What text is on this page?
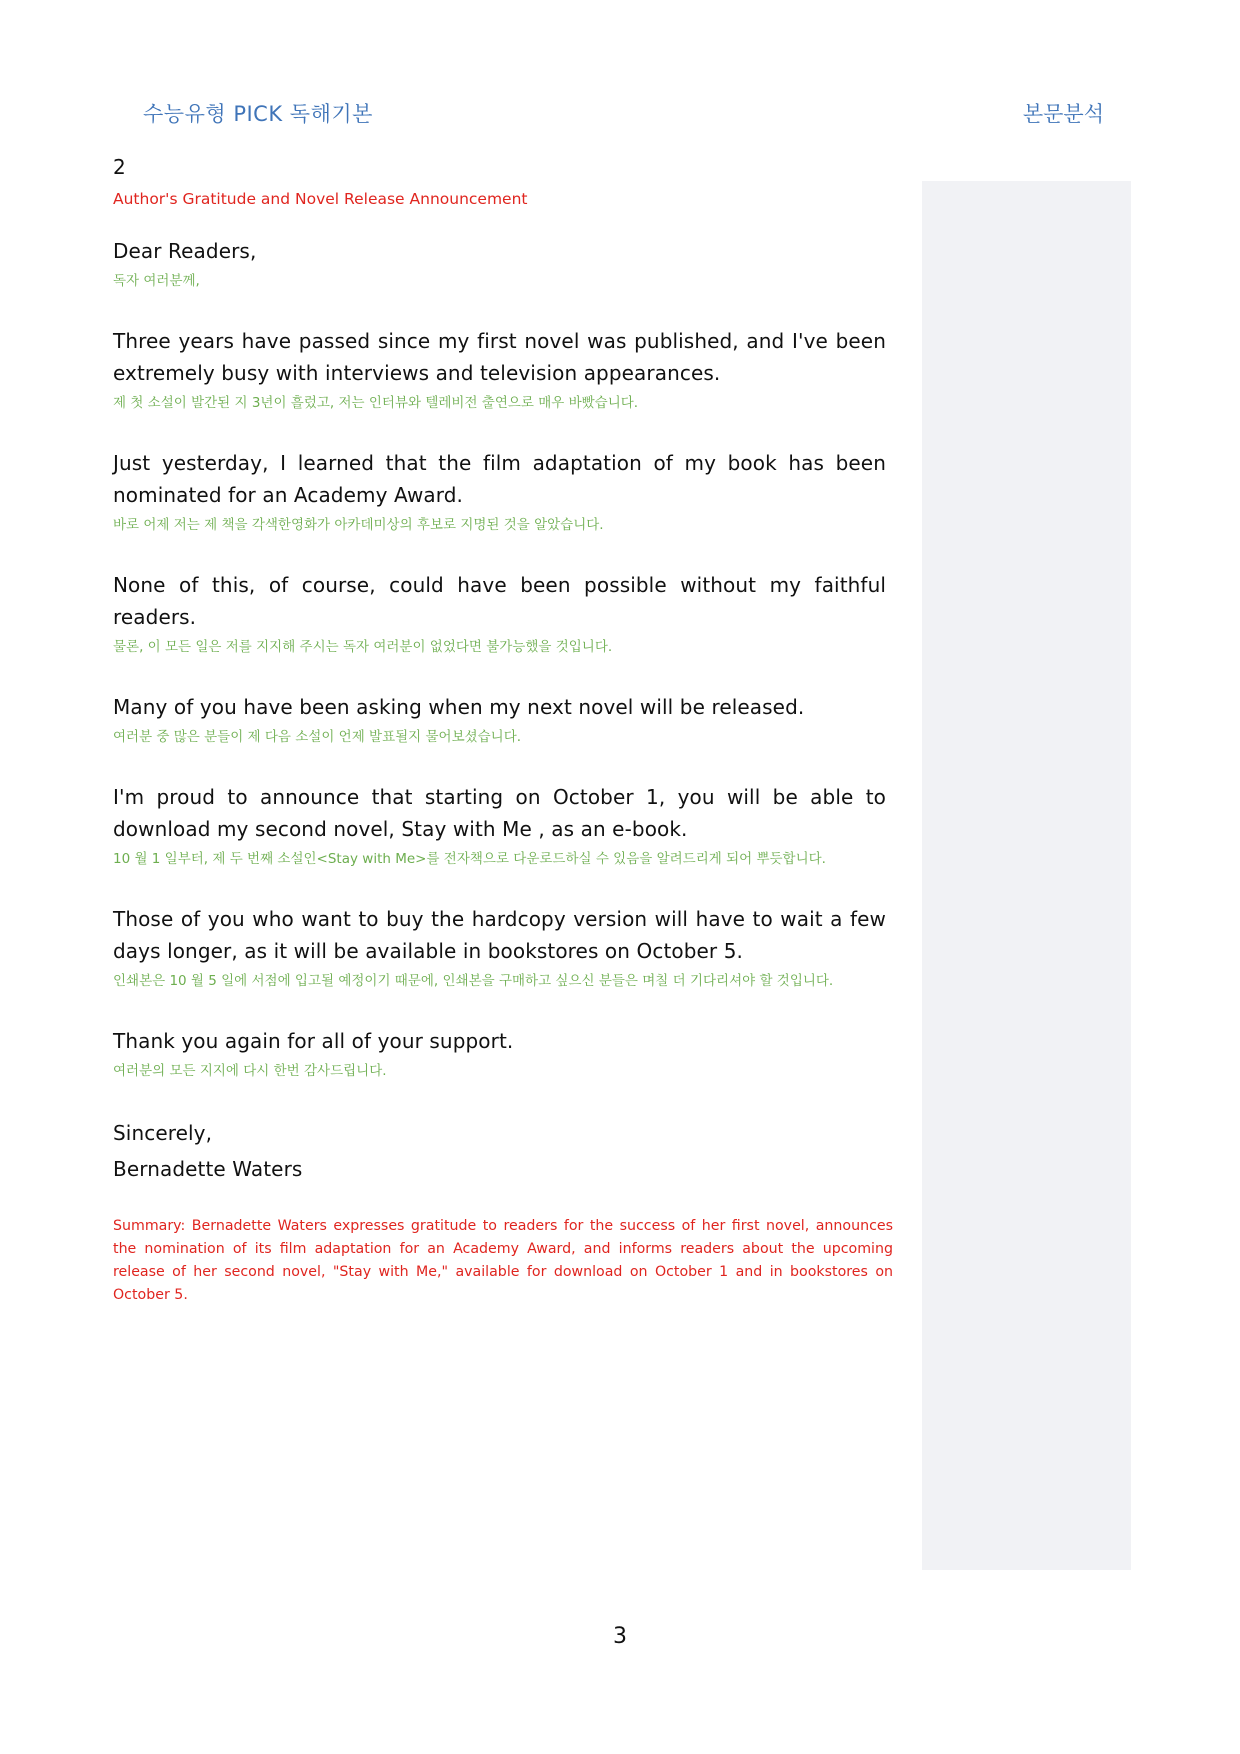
수능유형 PICK 독해기본	본문분석
2
Author's Gratitude and Novel Release Announcement

Dear Readers,

독자 여러분께,

Three years have passed since my first novel was published, and I've been extremely busy with interviews and television appearances.

제 첫 소설이 발간된 지 3년이 흘렀고, 저는 인터뷰와 텔레비전 출연으로 매우 바빴습니다.

Just yesterday, I learned that the film adaptation of my book has been nominated for an Academy Award.

바로 어제 저는 제 책을 각색한영화가 아카데미상의 후보로 지명된 것을 알았습니다.

None of this, of course, could have been possible without my faithful readers.

물론, 이 모든 일은 저를 지지해 주시는 독자 여러분이 없었다면 불가능했을 것입니다.

Many of you have been asking when my next novel will be released.

여러분 중 많은 분들이 제 다음 소설이 언제 발표될지 물어보셨습니다.

I'm proud to announce that starting on October 1, you will be able to download my second novel, Stay with Me , as an e-book.

10 월 1 일부터, 제 두 번째 소설인<Stay with Me>를 전자책으로 다운로드하실 수 있음을 알려드리게 되어 뿌듯합니다.

Those of you who want to buy the hardcopy version will have to wait a few days longer, as it will be available in bookstores on October 5.

인쇄본은 10 월 5 일에 서점에 입고될 예정이기 때문에, 인쇄본을 구매하고 싶으신 분들은 며칠 더 기다리셔야 할 것입니다.

Thank you again for all of your support.

여러분의 모든 지지에 다시 한번 감사드립니다.

Sincerely,

Bernadette Waters

Summary: Bernadette Waters expresses gratitude to readers for the success of her first novel, announces the nomination of its film adaptation for an Academy Award, and informs readers about the upcoming release of her second novel, "Stay with Me," available for download on October 1 and in bookstores on October 5.
3
